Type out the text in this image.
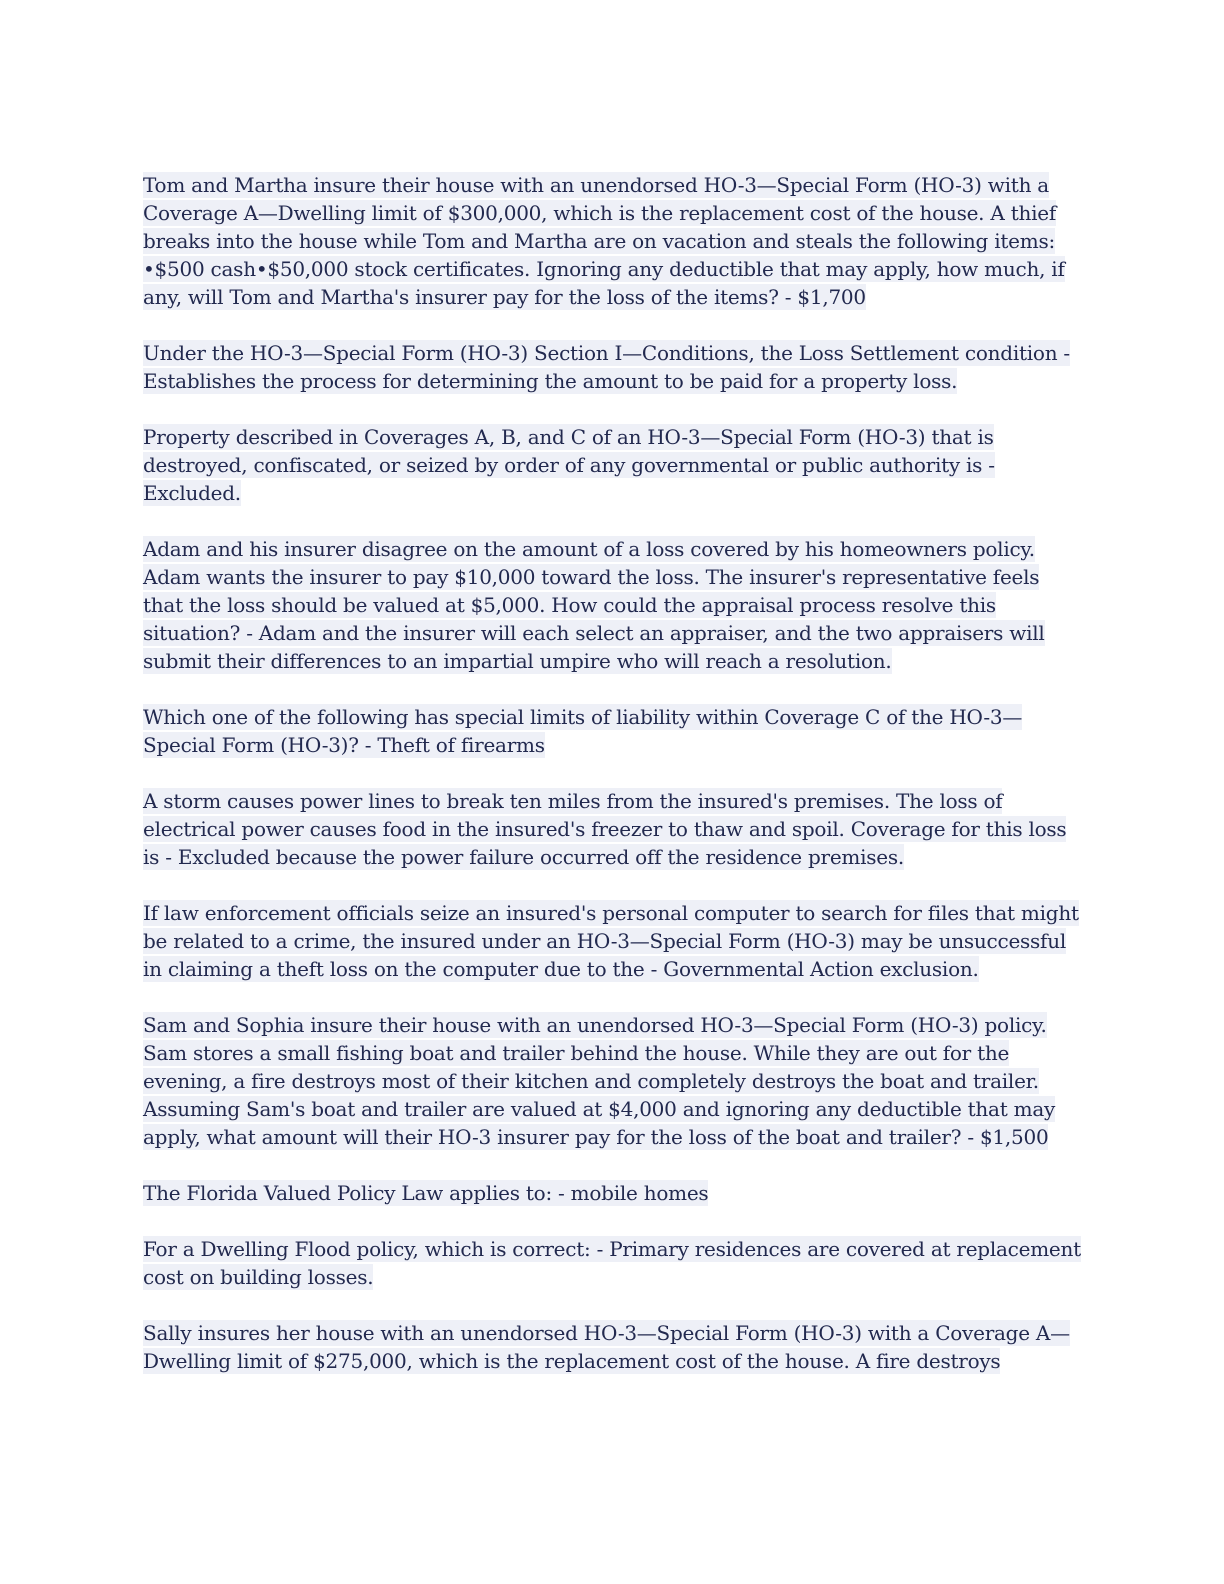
Tom and Martha insure their house with an unendorsed HO-3—Special Form (HO-3) with a Coverage A—Dwelling limit of $300,000, which is the replacement cost of the house. A thief breaks into the house while Tom and Martha are on vacation and steals the following items: •$500 cash•$50,000 stock certificates. Ignoring any deductible that may apply, how much, if any, will Tom and Martha's insurer pay for the loss of the items? - $1,700

Under the HO-3—Special Form (HO-3) Section I—Conditions, the Loss Settlement condition - Establishes the process for determining the amount to be paid for a property loss.

Property described in Coverages A, B, and C of an HO-3—Special Form (HO-3) that is destroyed, confiscated, or seized by order of any governmental or public authority is - Excluded.

Adam and his insurer disagree on the amount of a loss covered by his homeowners policy. Adam wants the insurer to pay $10,000 toward the loss. The insurer's representative feels that the loss should be valued at $5,000. How could the appraisal process resolve this situation? - Adam and the insurer will each select an appraiser, and the two appraisers will submit their differences to an impartial umpire who will reach a resolution.

Which one of the following has special limits of liability within Coverage C of the HO-3—Special Form (HO-3)? - Theft of firearms

A storm causes power lines to break ten miles from the insured's premises. The loss of electrical power causes food in the insured's freezer to thaw and spoil. Coverage for this loss is - Excluded because the power failure occurred off the residence premises.

If law enforcement officials seize an insured's personal computer to search for files that might be related to a crime, the insured under an HO-3—Special Form (HO-3) may be unsuccessful in claiming a theft loss on the computer due to the - Governmental Action exclusion.

Sam and Sophia insure their house with an unendorsed HO-3—Special Form (HO-3) policy. Sam stores a small fishing boat and trailer behind the house. While they are out for the evening, a fire destroys most of their kitchen and completely destroys the boat and trailer. Assuming Sam's boat and trailer are valued at $4,000 and ignoring any deductible that may apply, what amount will their HO-3 insurer pay for the loss of the boat and trailer? - $1,500

The Florida Valued Policy Law applies to: - mobile homes

For a Dwelling Flood policy, which is correct: - Primary residences are covered at replacement cost on building losses.

Sally insures her house with an unendorsed HO-3—Special Form (HO-3) with a Coverage A—Dwelling limit of $275,000, which is the replacement cost of the house. A fire destroys
